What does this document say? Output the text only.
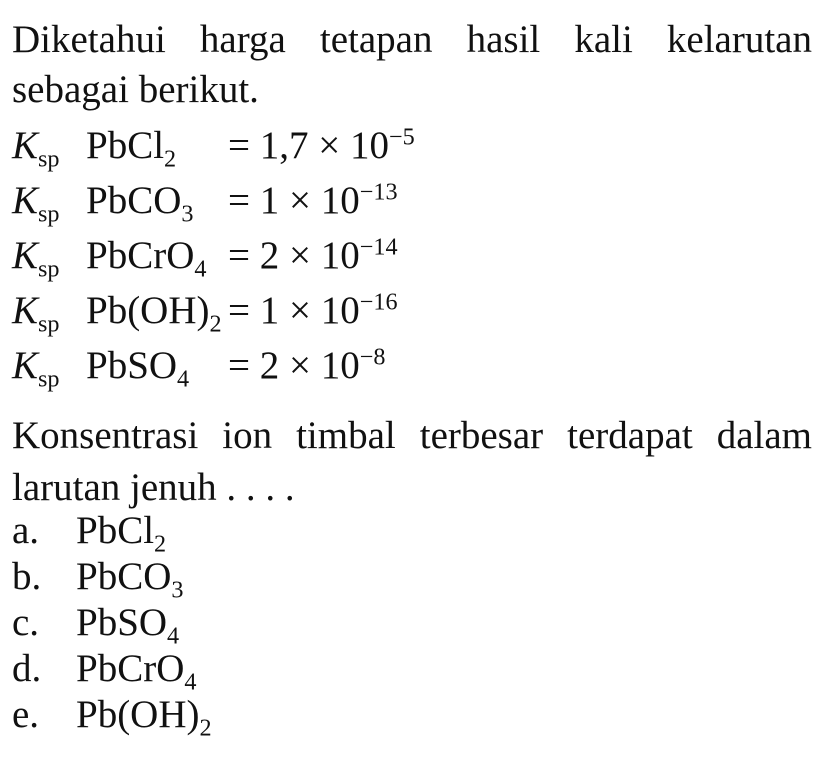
Diketahui harga tetapan hasil kali kelarutan
sebagai berikut.
$K_{sp}$ PbCl$_2$ = $1,7 \times 10^{-5}$
$K_{sp}$ PbCO$_3$ = $1 \times 10^{-13}$
$K_{sp}$ PbCrO$_4$ = $2 \times 10^{-14}$
$K_{sp}$ $Pb(OH)_2 = 1 \times 10^{-16}$
$K_{sp}$ PbSO$_4$ = $2 \times 10^{-8}$
Konsentrasi ion timbal terbesar terdapat dalam
larutan jenuh . . . .
a. PbCl$_2$
b. PbCO$_3$
c. PbSO$_4$
d. PbCrO$_4$
e. $Pb(OH)_2$
